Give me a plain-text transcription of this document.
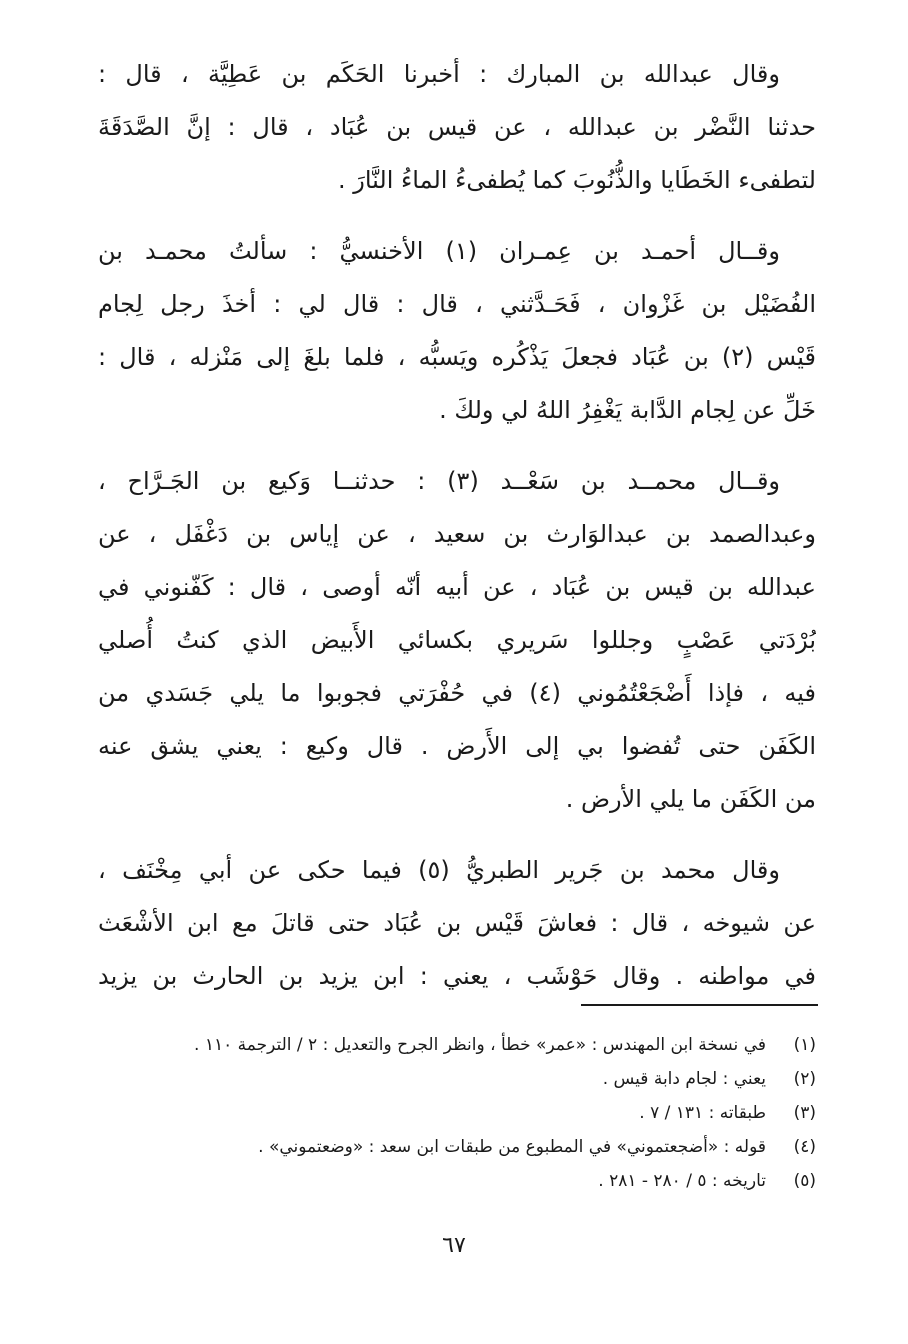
وقال عبدالله بن المبارك : أخبرنا الحَكَم بن عَطِيَّة ، قال :
حدثنا النَّضْر بن عبدالله ، عن قيس بن عُبَاد ، قال : إنَّ الصَّدَقَةَ
لتطفىء الخَطَايا والذُّنُوبَ كما يُطفىءُ الماءُ النَّارَ .
وقــال أحمـد بن عِمـران (١) الأخنسيُّ : سألتُ محمـد بن
الفُضَيْل بن غَزْوان ، فَحَـدَّثني ، قال : قال لي : أخذَ رجل لِجام
قَيْس (٢) بن عُبَاد فجعلَ يَذْكُره ويَسبُّه ، فلما بلغَ إلى مَنْزله ، قال :
خَلِّ عن لِجام الدَّابة يَغْفِرُ اللهُ لي ولكَ .
وقــال محمــد بن سَعْــد (٣) : حدثنــا وَكيع بن الجَـرَّاح ،
وعبدالصمد بن عبدالوَارث بن سعيد ، عن إياس بن دَغْفَل ، عن
عبدالله بن قيس بن عُبَاد ، عن أبيه أنّه أوصى ، قال : كَفّنوني في
بُرْدَتي عَصْبٍ وجللوا سَريري بكسائي الأَبيض الذي كنتُ أُصلي
فيه ، فإذا أَضْجَعْتُمُوني (٤) في حُفْرَتي فجوبوا ما يلي جَسَدي من
الكَفَن حتى تُفضوا بي إلى الأَرض . قال وكيع : يعني يشق عنه
من الكَفَن ما يلي الأرض .
وقال محمد بن جَرير الطبريُّ (٥) فيما حكى عن أبي مِخْنَف ،
عن شيوخه ، قال : فعاشَ قَيْس بن عُبَاد حتى قاتلَ مع ابن الأشْعَث
في مواطنه . وقال حَوْشَب ، يعني : ابن يزيد بن الحارث بن يزيد
(١)
في نسخة ابن المهندس : «عمر» خطأ ، وانظر الجرح والتعديل : ٢ / الترجمة ١١٠ .
(٢)
يعني : لجام دابة قيس .
(٣)
طبقاته : ١٣١ / ٧ .
(٤)
قوله : «أضجعتموني» في المطبوع من طبقات ابن سعد : «وضعتموني» .
(٥)
تاريخه : ٥ / ٢٨٠ - ٢٨١ .
٦٧
